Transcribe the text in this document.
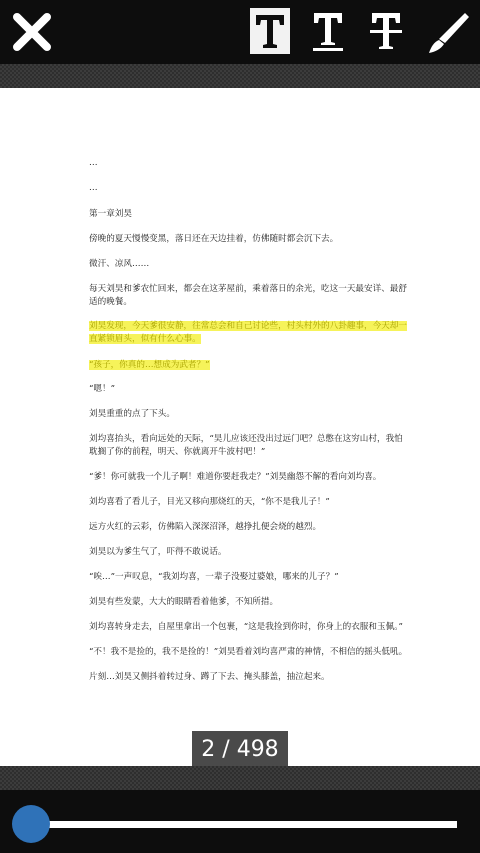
…
…
第一章刘昊
傍晚的夏天慢慢变黑，落日还在天边挂着，仿佛随时都会沉下去。
微汗、凉风……
每天刘昊和爹农忙回来，都会在这茅屋前，乘着落日的余光，吃这一天最安详、最舒适的晚餐。
刘昊发现，今天爹很安静，往常总会和自己讨论些，村头村外的八卦趣事，今天却一直紧锁眉头，似有什么心事。
“孩子，你真的…想成为武者？”
“嗯！”
刘昊重重的点了下头。
刘均喜抬头，看向远处的天际，“昊儿应该还没出过远门吧？总憋在这穷山村，我怕耽搁了你的前程，明天、你就离开牛波村吧！”
“爹！你可就我一个儿子啊！难道你要赶我走？”刘昊幽怨不解的看向刘均喜。
刘均喜看了看儿子，目光又移向那烧红的天，“你不是我儿子！”
远方火红的云彩，仿佛陷入深深沼泽，越挣扎便会烧的越烈。
刘昊以为爹生气了，吓得不敢说话。
“唉…”一声叹息，“我刘均喜，一辈子没娶过婆娘，哪来的儿子？”
刘昊有些发蒙，大大的眼睛看着他爹，不知所措。
刘均喜转身走去，自屋里拿出一个包裹，“这是我捡到你时，你身上的衣服和玉佩。”
“不！我不是捡的，我不是捡的！”刘昊看着刘均喜严肃的神情，不相信的摇头低吼。
片刻…刘昊又侧抖着转过身、蹲了下去、掩头膝盖，抽泣起来。
2 / 498
